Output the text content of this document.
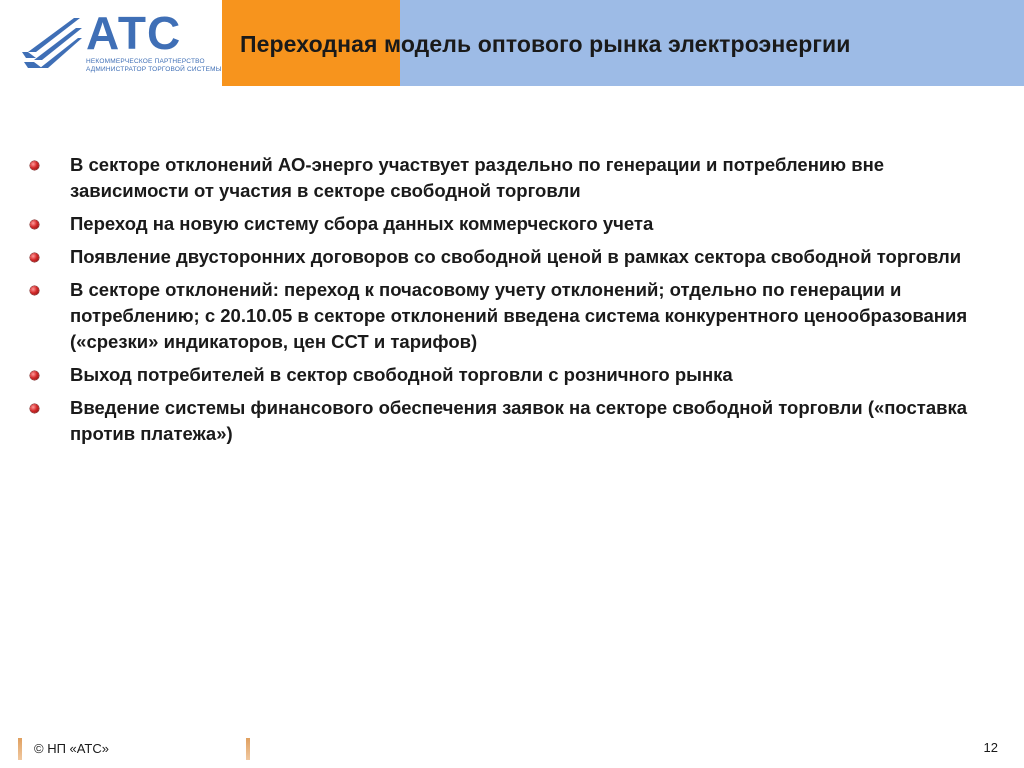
АТС
НЕКОММЕРЧЕСКОЕ ПАРТНЕРСТВО
АДМИНИСТРАТОР ТОРГОВОЙ СИСТЕМЫ
Переходная модель оптового рынка электроэнергии
В секторе отклонений АО-энерго участвует раздельно по генерации и потреблению вне зависимости от участия в секторе свободной торговли
Переход на новую систему сбора данных коммерческого учета
Появление двусторонних договоров со свободной ценой в рамках сектора свободной торговли
В секторе отклонений: переход к почасовому учету отклонений; отдельно по генерации и потреблению; с 20.10.05 в секторе отклонений введена система конкурентного ценообразования («срезки» индикаторов, цен ССТ и тарифов)
Выход потребителей в сектор свободной торговли с розничного рынка
Введение системы финансового обеспечения заявок на секторе свободной торговли («поставка против платежа»)
© НП «АТС»	12
